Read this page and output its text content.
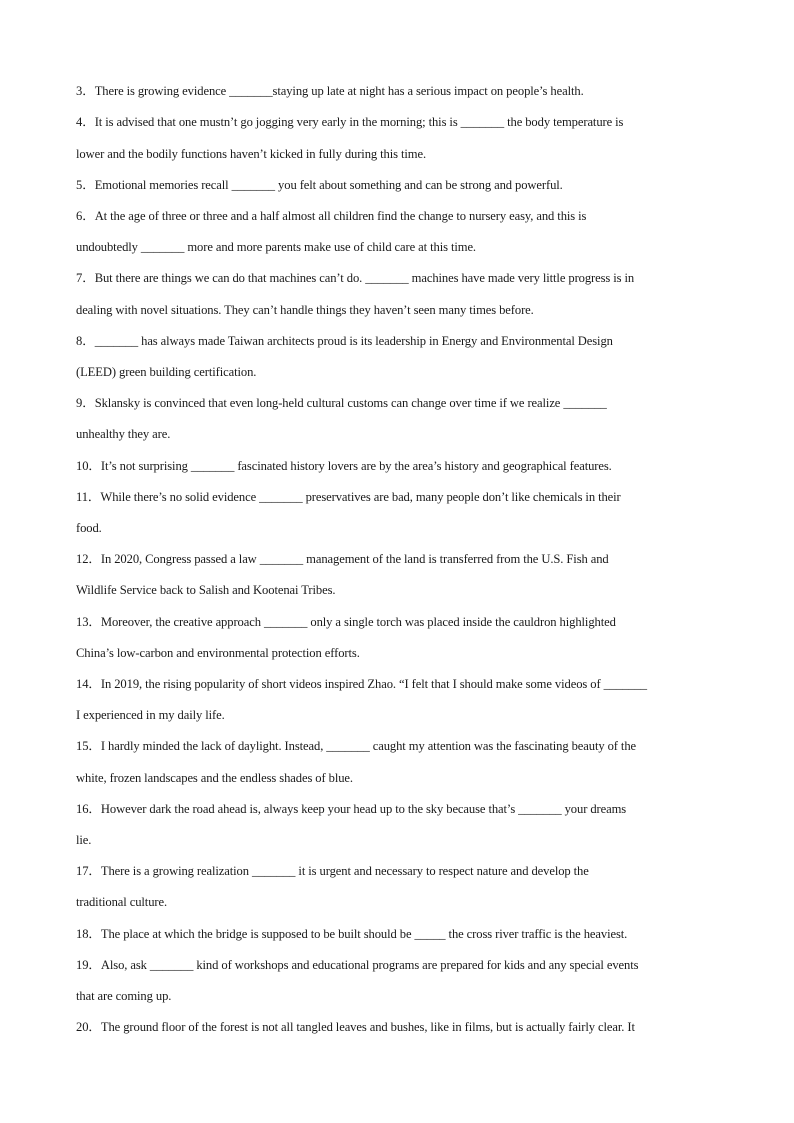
3．There is growing evidence _______staying up late at night has a serious impact on people’s health.
4．It is advised that one mustn’t go jogging very early in the morning; this is _______ the body temperature is
lower and the bodily functions haven’t kicked in fully during this time.
5．Emotional memories recall _______ you felt about something and can be strong and powerful.
6．At the age of three or three and a half almost all children find the change to nursery easy, and this is
undoubtedly _______ more and more parents make use of child care at this time.
7．But there are things we can do that machines can’t do. _______ machines have made very little progress is in
dealing with novel situations. They can’t handle things they haven’t seen many times before.
8．_______ has always made Taiwan architects proud is its leadership in Energy and Environmental Design
(LEED) green building certification.
9．Sklansky is convinced that even long-held cultural customs can change over time if we realize _______
unhealthy they are.
10．It’s not surprising _______ fascinated history lovers are by the area’s history and geographical features.
11．While there’s no solid evidence _______ preservatives are bad, many people don’t like chemicals in their
food.
12．In 2020, Congress passed a law _______ management of the land is transferred from the U.S. Fish and
Wildlife Service back to Salish and Kootenai Tribes.
13．Moreover, the creative approach _______ only a single torch was placed inside the cauldron highlighted
China’s low-carbon and environmental protection efforts.
14．In 2019, the rising popularity of short videos inspired Zhao. “I felt that I should make some videos of _______
I experienced in my daily life.
15．I hardly minded the lack of daylight. Instead, _______ caught my attention was the fascinating beauty of the
white, frozen landscapes and the endless shades of blue.
16．However dark the road ahead is, always keep your head up to the sky because that’s _______ your dreams
lie.
17．There is a growing realization _______ it is urgent and necessary to respect nature and develop the
traditional culture.
18．The place at which the bridge is supposed to be built should be _____ the cross river traffic is the heaviest.
19．Also, ask _______ kind of workshops and educational programs are prepared for kids and any special events
that are coming up.
20．The ground floor of the forest is not all tangled leaves and bushes, like in films, but is actually fairly clear. It
